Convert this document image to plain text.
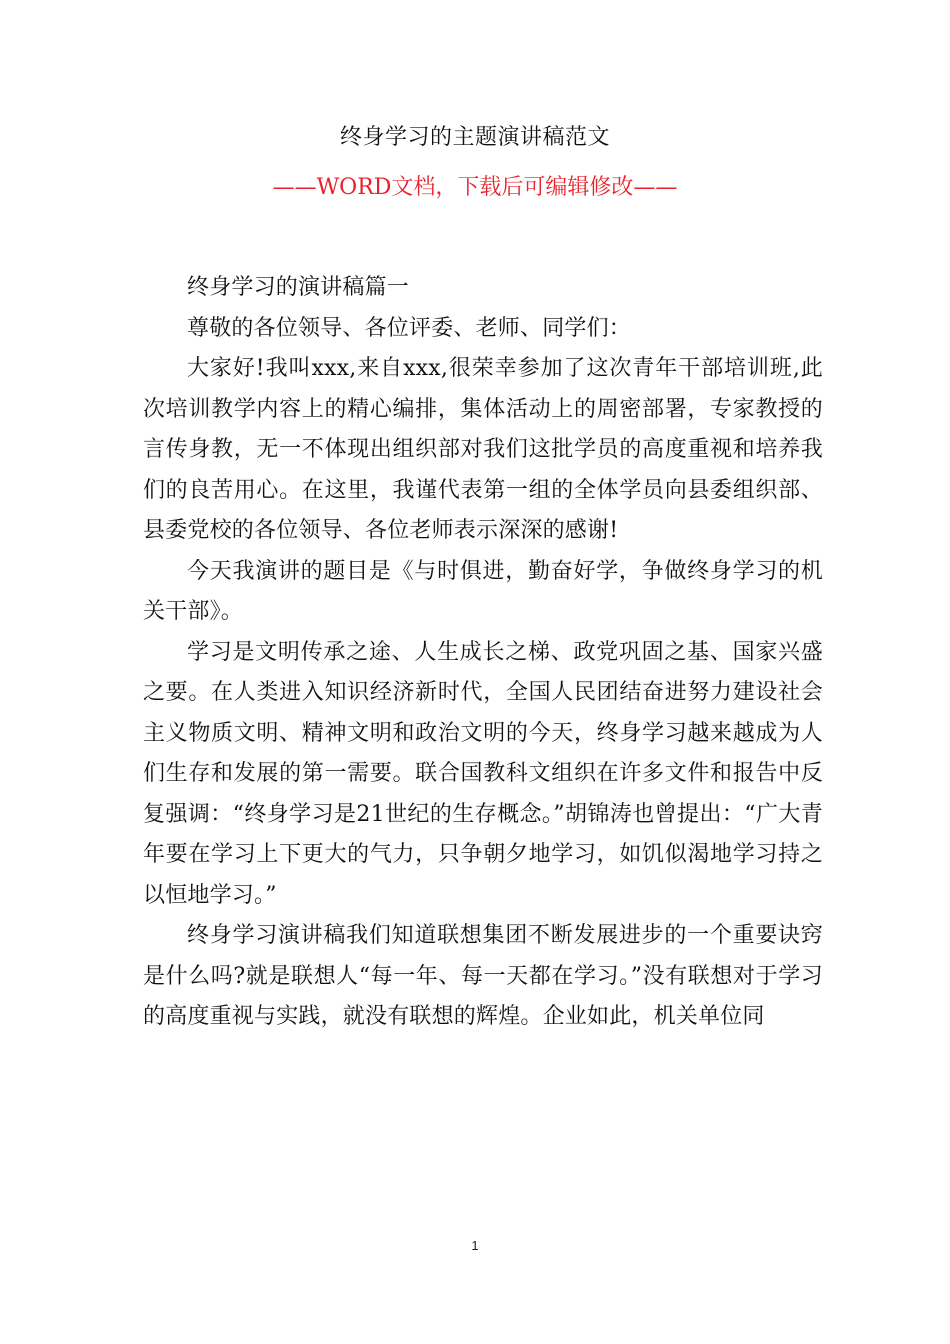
终身学习的主题演讲稿范文
——WORD文档，下载后可编辑修改——

终身学习的演讲稿篇一

尊敬的各位领导、各位评委、老师、同学们：

大家好!我叫xxx,来自xxx,很荣幸参加了这次青年干部培训班,此次培训教学内容上的精心编排，集体活动上的周密部署，专家教授的言传身教，无一不体现出组织部对我们这批学员的高度重视和培养我们的良苦用心。在这里，我谨代表第一组的全体学员向县委组织部、县委党校的各位领导、各位老师表示深深的感谢!

今天我演讲的题目是《与时俱进，勤奋好学，争做终身学习的机关干部》。

学习是文明传承之途、人生成长之梯、政党巩固之基、国家兴盛之要。在人类进入知识经济新时代，全国人民团结奋进努力建设社会主义物质文明、精神文明和政治文明的今天，终身学习越来越成为人们生存和发展的第一需要。联合国教科文组织在许多文件和报告中反复强调：“终身学习是21世纪的生存概念。”胡锦涛也曾提出：“广大青年要在学习上下更大的气力，只争朝夕地学习，如饥似渴地学习持之以恒地学习。”

终身学习演讲稿我们知道联想集团不断发展进步的一个重要诀窍是什么吗?就是联想人“每一年、每一天都在学习。”没有联想对于学习的高度重视与实践，就没有联想的辉煌。企业如此，机关单位同

1
